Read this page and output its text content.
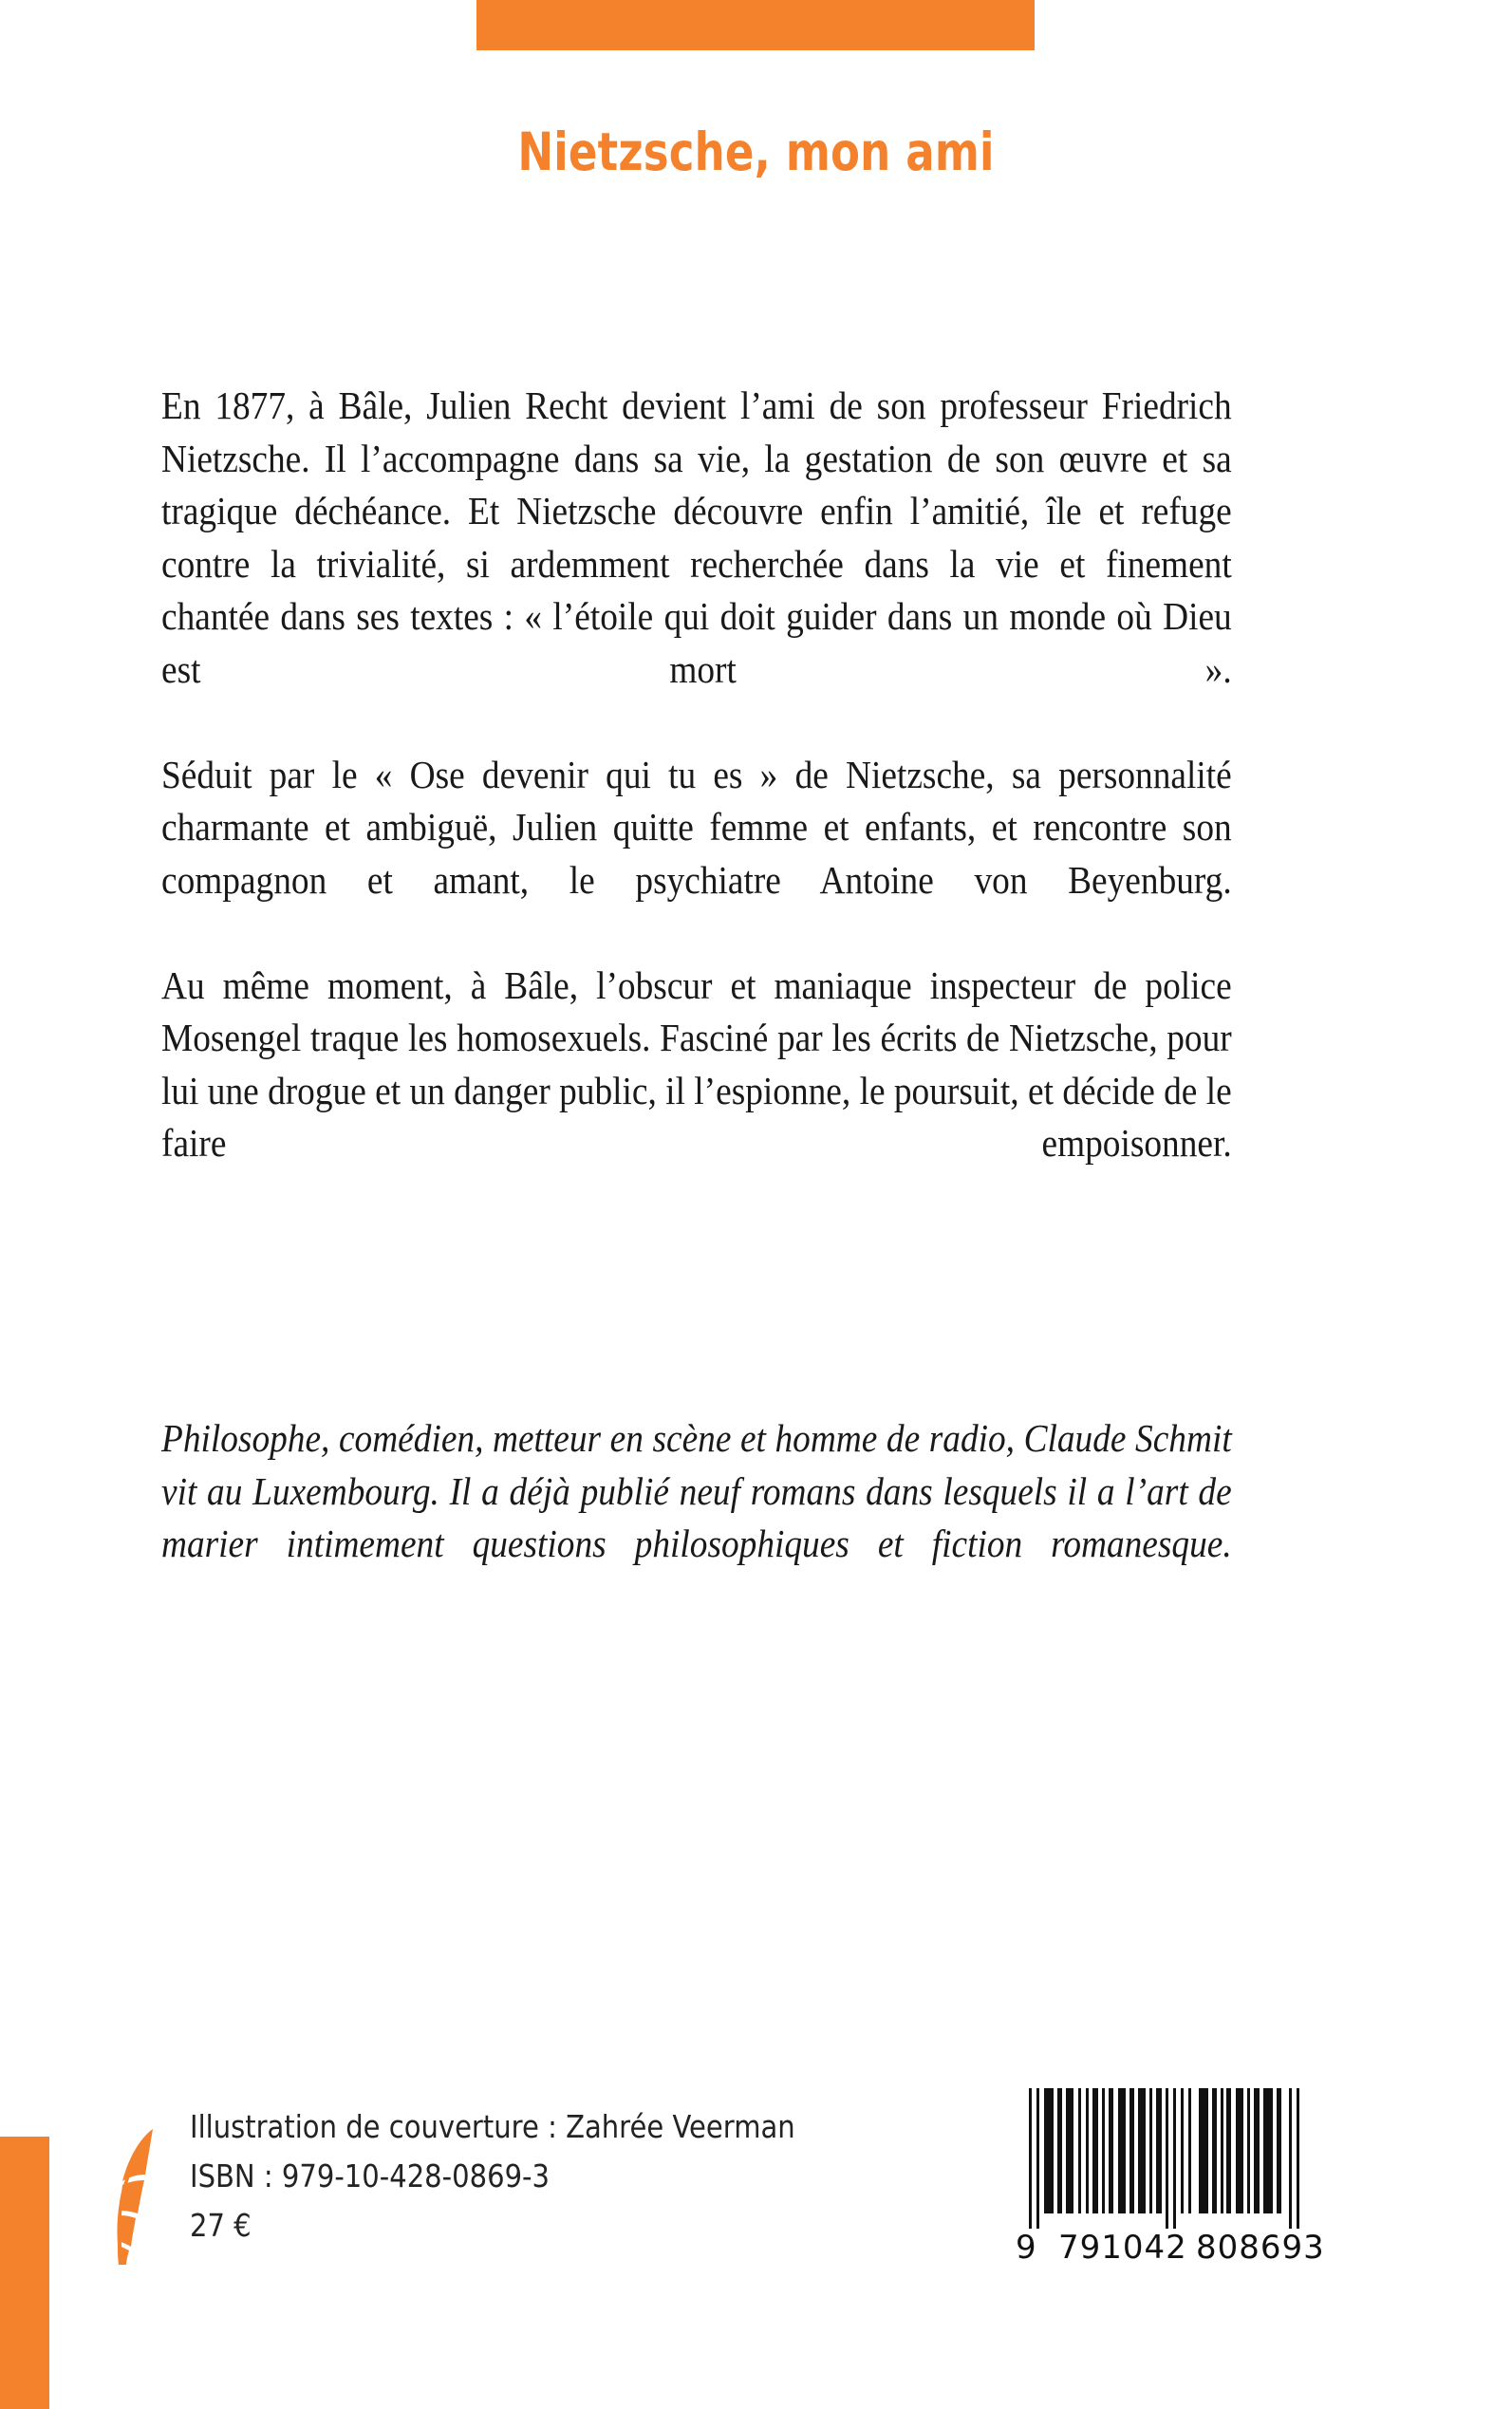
Nietzsche, mon ami

En 1877, à Bâle, Julien Recht devient l’ami de son professeur Friedrich Nietzsche. Il l’accompagne dans sa vie, la gestation de son œuvre et sa tragique déchéance. Et Nietzsche découvre enfin l’amitié, île et refuge contre la trivialité, si ardemment recherchée dans la vie et finement chantée dans ses textes : « l’étoile qui doit guider dans un monde où Dieu est mort ».

Séduit par le « Ose devenir qui tu es » de Nietzsche, sa personnalité charmante et ambiguë, Julien quitte femme et enfants, et rencontre son compagnon et amant, le psychiatre Antoine von Beyenburg.

Au même moment, à Bâle, l’obscur et maniaque inspecteur de police Mosengel traque les homosexuels. Fasciné par les écrits de Nietzsche, pour lui une drogue et un danger public, il l’espionne, le poursuit, et décide de le faire empoisonner.

Philosophe, comédien, metteur en scène et homme de radio, Claude Schmit vit au Luxembourg. Il a déjà publié neuf romans dans lesquels il a l’art de marier intimement questions philosophiques et fiction romanesque.

Illustration de couverture : Zahrée Veerman
ISBN : 979-10-428-0869-3
27 €
9 791042 808693
